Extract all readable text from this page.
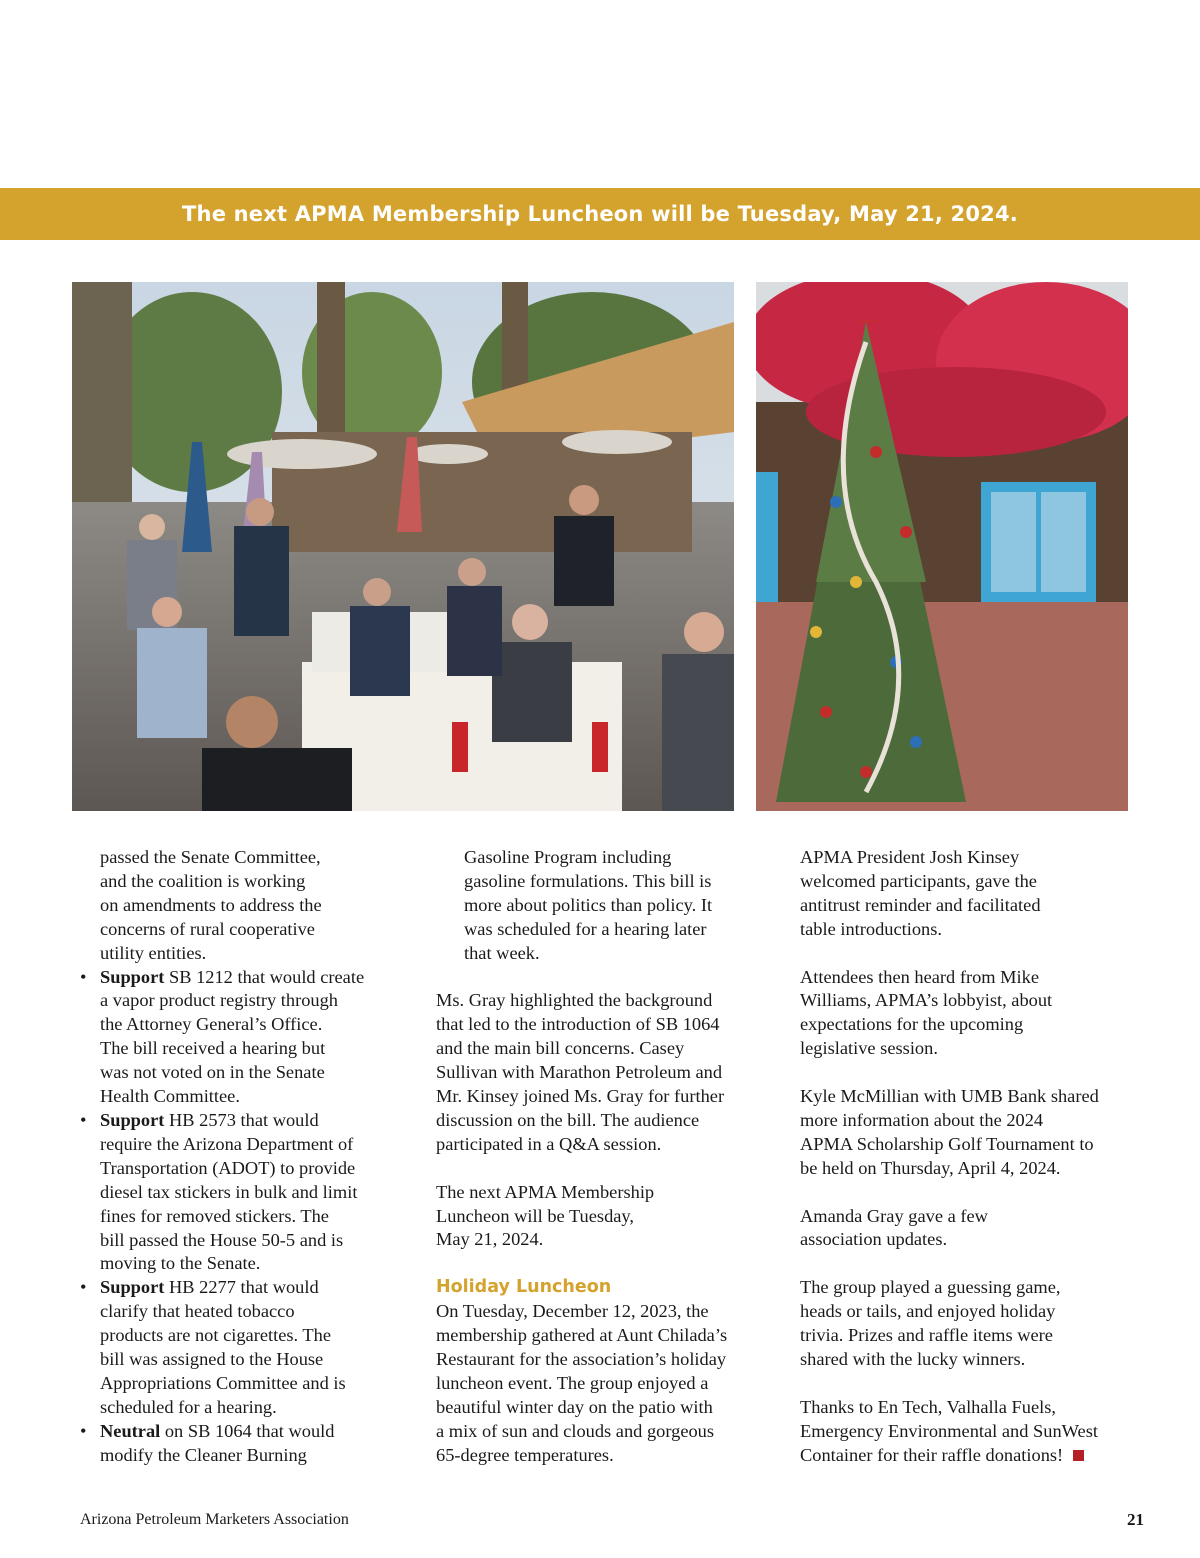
The next APMA Membership Luncheon will be Tuesday, May 21, 2024.
passed the Senate Committee,
and the coalition is working
on amendments to address the
concerns of rural cooperative
utility entities.
• Support SB 1212 that would create
a vapor product registry through
the Attorney General’s Office.
The bill received a hearing but
was not voted on in the Senate
Health Committee.
• Support HB 2573 that would
require the Arizona Department of
Transportation (ADOT) to provide
diesel tax stickers in bulk and limit
fines for removed stickers. The
bill passed the House 50-5 and is
moving to the Senate.
• Support HB 2277 that would
clarify that heated tobacco
products are not cigarettes. The
bill was assigned to the House
Appropriations Committee and is
scheduled for a hearing.
• Neutral on SB 1064 that would
modify the Cleaner Burning
Gasoline Program including
gasoline formulations. This bill is
more about politics than policy. It
was scheduled for a hearing later
that week.

Ms. Gray highlighted the background
that led to the introduction of SB 1064
and the main bill concerns. Casey
Sullivan with Marathon Petroleum and
Mr. Kinsey joined Ms. Gray for further
discussion on the bill. The audience
participated in a Q&A session.

The next APMA Membership
Luncheon will be Tuesday,
May 21, 2024.

Holiday Luncheon

On Tuesday, December 12, 2023, the
membership gathered at Aunt Chilada’s
Restaurant for the association’s holiday
luncheon event. The group enjoyed a
beautiful winter day on the patio with
a mix of sun and clouds and gorgeous
65-degree temperatures.

APMA President Josh Kinsey
welcomed participants, gave the
antitrust reminder and facilitated
table introductions.

Attendees then heard from Mike
Williams, APMA’s lobbyist, about
expectations for the upcoming
legislative session.

Kyle McMillian with UMB Bank shared
more information about the 2024
APMA Scholarship Golf Tournament to
be held on Thursday, April 4, 2024.

Amanda Gray gave a few
association updates.

The group played a guessing game,
heads or tails, and enjoyed holiday
trivia. Prizes and raffle items were
shared with the lucky winners.

Thanks to En Tech, Valhalla Fuels,
Emergency Environmental and SunWest
Container for their raffle donations!

Arizona Petroleum Marketers Association	21
